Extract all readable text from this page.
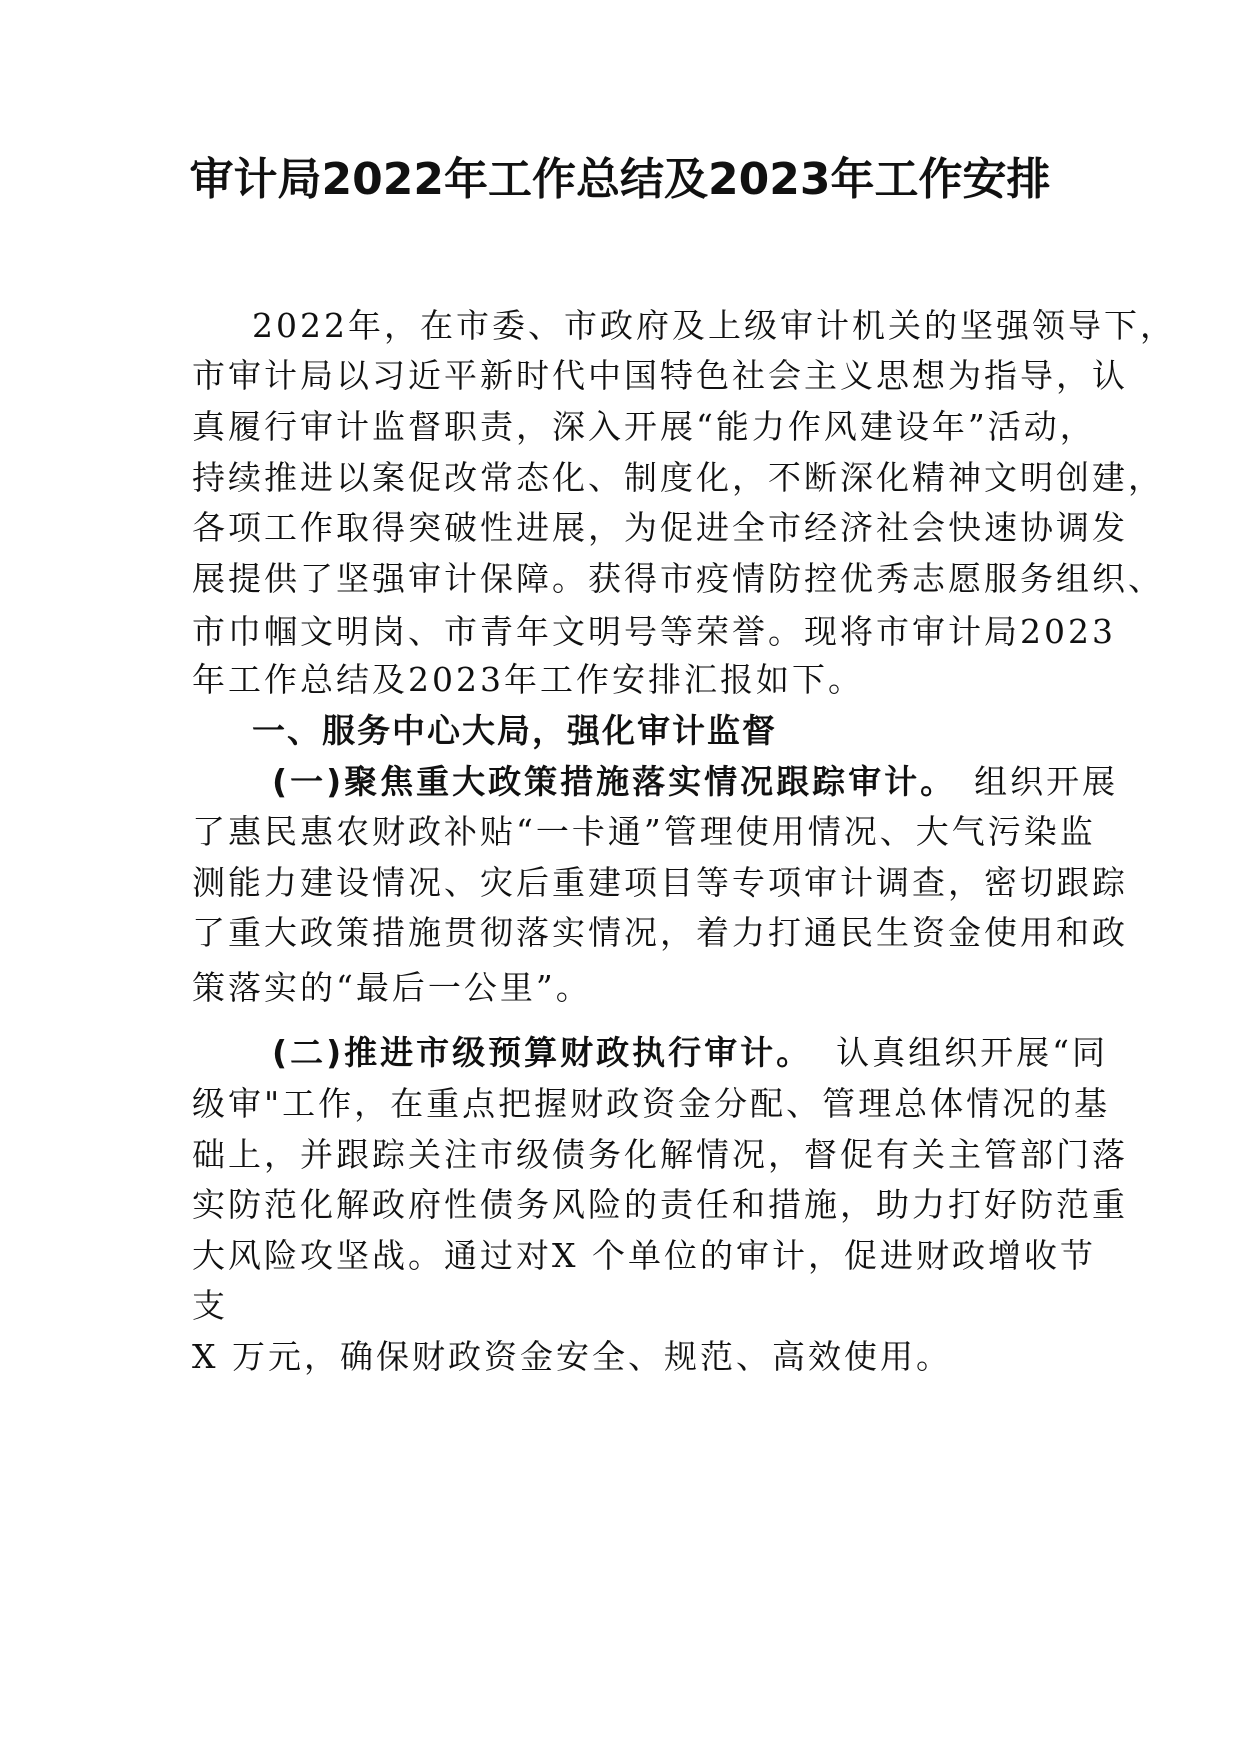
审计局2022年工作总结及2023年工作安排

2022年，在市委、市政府及上级审计机关的坚强领导下，

市审计局以习近平新时代中国特色社会主义思想为指导，认

真履行审计监督职责，深入开展“能力作风建设年”活动，

持续推进以案促改常态化、制度化，不断深化精神文明创建，

各项工作取得突破性进展，为促进全市经济社会快速协调发

展提供了坚强审计保障。获得市疫情防控优秀志愿服务组织、

市巾帼文明岗、市青年文明号等荣誉。现将市审计局2023

年工作总结及2023年工作安排汇报如下。

一、服务中心大局，强化审计监督

(一)聚焦重大政策措施落实情况跟踪审计。 组织开展

了惠民惠农财政补贴“一卡通”管理使用情况、大气污染监

测能力建设情况、灾后重建项目等专项审计调查，密切跟踪

了重大政策措施贯彻落实情况，着力打通民生资金使用和政

策落实的“最后一公里”。

(二)推进市级预算财政执行审计。 认真组织开展“同

级审"工作，在重点把握财政资金分配、管理总体情况的基

础上，并跟踪关注市级债务化解情况，督促有关主管部门落

实防范化解政府性债务风险的责任和措施，助力打好防范重

大风险攻坚战。通过对X 个单位的审计，促进财政增收节

支

X 万元，确保财政资金安全、规范、高效使用。
